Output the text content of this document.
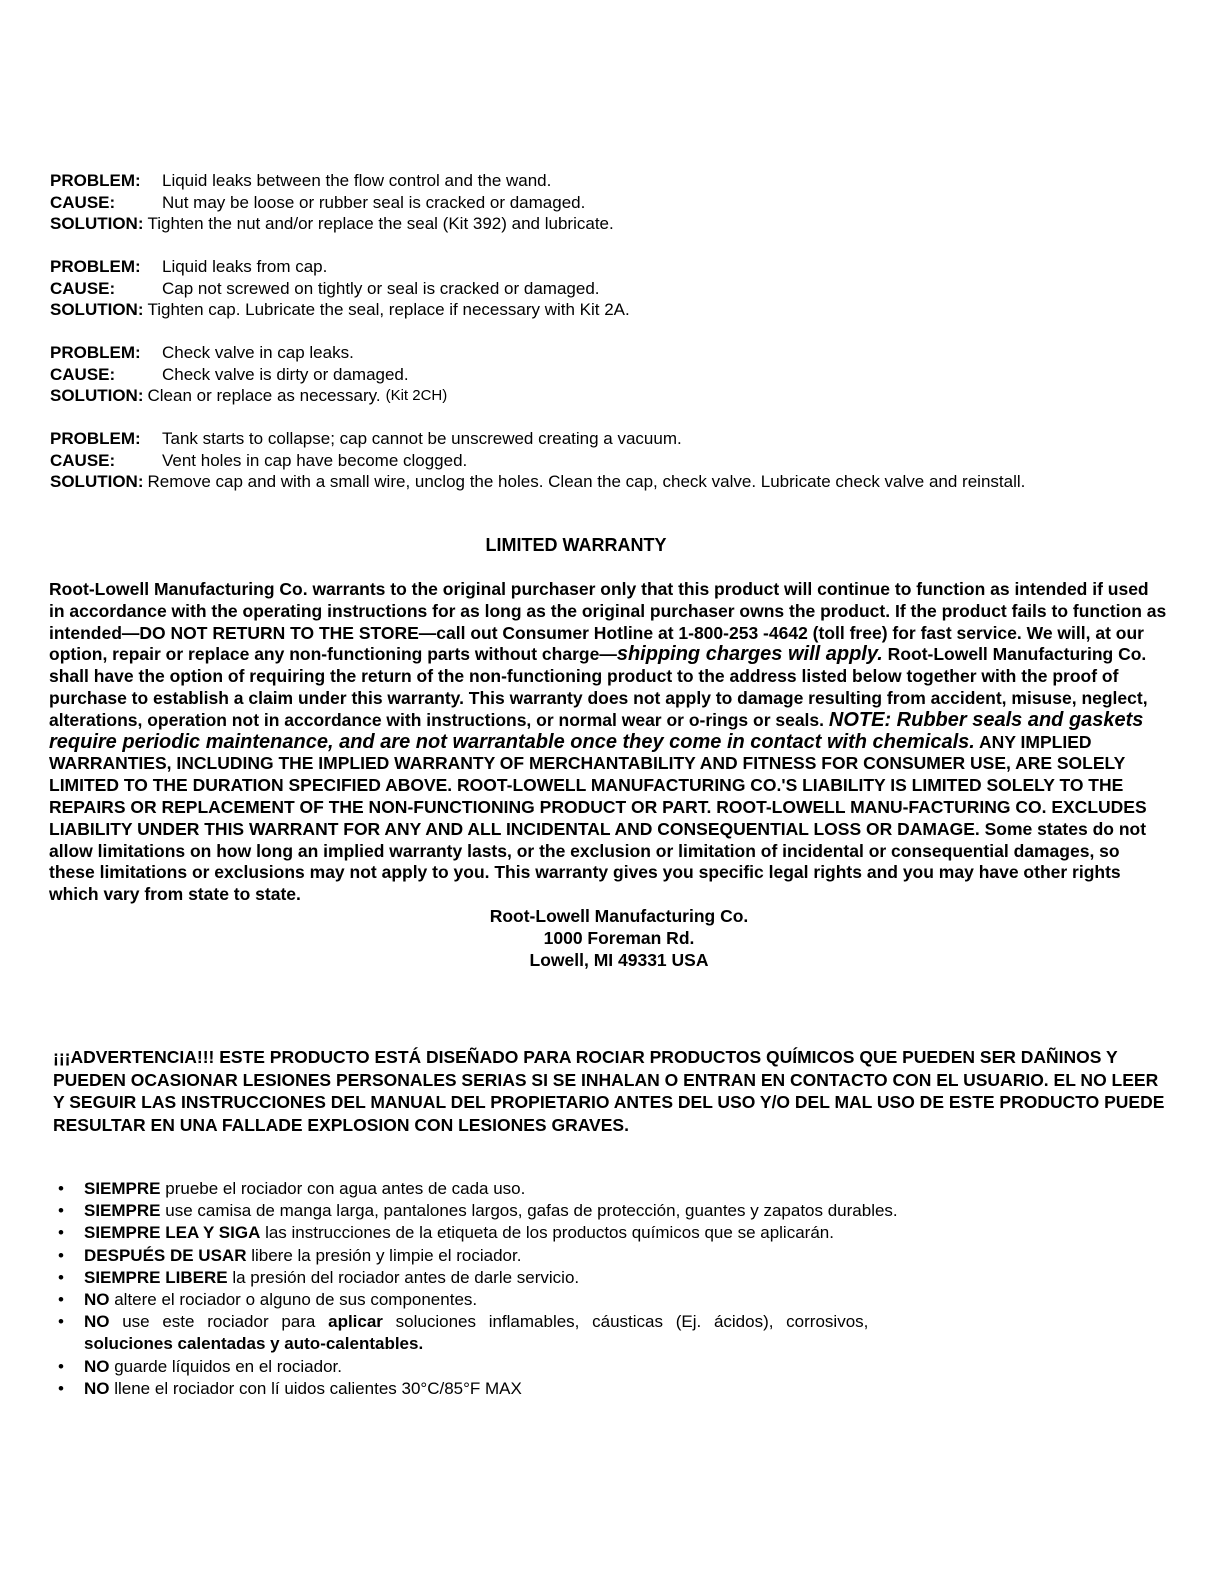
PROBLEM:	Liquid leaks between the flow control and the wand.
CAUSE:	Nut may be loose or rubber seal is cracked or damaged.
SOLUTION: Tighten the nut and/or replace the seal (Kit 392) and lubricate.
PROBLEM:	Liquid leaks from cap.
CAUSE:	Cap not screwed on tightly or seal is cracked or damaged.
SOLUTION: Tighten cap. Lubricate the seal, replace if necessary with Kit 2A.
PROBLEM:	Check valve in cap leaks.
CAUSE:	Check valve is dirty or damaged.
SOLUTION: Clean or replace as necessary. (Kit 2CH)
PROBLEM:	Tank starts to collapse; cap cannot be unscrewed creating a vacuum.
CAUSE:	Vent holes in cap have become clogged.
SOLUTION: Remove cap and with a small wire, unclog the holes. Clean the cap, check valve. Lubricate check valve and reinstall.
LIMITED WARRANTY

Root-Lowell Manufacturing Co. warrants to the original purchaser only that this product will continue to function as intended if used in accordance with the operating instructions for as long as the original purchaser owns the product. If the product fails to function as intended—DO NOT RETURN TO THE STORE—call out Consumer Hotline at 1-800-253 -4642 (toll free) for fast service. We will, at our option, repair or replace any non-functioning parts without charge—shipping charges will apply. Root-Lowell Manufacturing Co. shall have the option of requiring the return of the non-functioning product to the address listed below together with the proof of purchase to establish a claim under this warranty. This warranty does not apply to damage resulting from accident, misuse, neglect, alterations, operation not in accordance with instructions, or normal wear or o-rings or seals. NOTE: Rubber seals and gaskets require periodic maintenance, and are not warrantable once they come in contact with chemicals. ANY IMPLIED WARRANTIES, INCLUDING THE IMPLIED WARRANTY OF MERCHANTABILITY AND FITNESS FOR CONSUMER USE, ARE SOLELY LIMITED TO THE DURATION SPECIFIED ABOVE. ROOT-LOWELL MANUFACTURING CO.'S LIABILITY IS LIMITED SOLELY TO THE REPAIRS OR REPLACEMENT OF THE NON-FUNCTIONING PRODUCT OR PART. ROOT-LOWELL MANU-FACTURING CO. EXCLUDES LIABILITY UNDER THIS WARRANT FOR ANY AND ALL INCIDENTAL AND CONSEQUENTIAL LOSS OR DAMAGE. Some states do not allow limitations on how long an implied warranty lasts, or the exclusion or limitation of incidental or consequential damages, so these limitations or exclusions may not apply to you. This warranty gives you specific legal rights and you may have other rights which vary from state to state.

Root-Lowell Manufacturing Co.
1000 Foreman Rd.
Lowell, MI 49331 USA
¡¡¡ADVERTENCIA!!! ESTE PRODUCTO ESTÁ DISEÑADO PARA ROCIAR PRODUCTOS QUÍMICOS QUE PUEDEN SER DAÑINOS Y PUEDEN OCASIONAR LESIONES PERSONALES SERIAS SI SE INHALAN O ENTRAN EN CONTACTO CON EL USUARIO. EL NO LEER Y SEGUIR LAS INSTRUCCIONES DEL MANUAL DEL PROPIETARIO ANTES DEL USO Y/O DEL MAL USO DE ESTE PRODUCTO PUEDE RESULTAR EN UNA FALLADE EXPLOSION CON LESIONES GRAVES.
• SIEMPRE pruebe el rociador con agua antes de cada uso.
• SIEMPRE use camisa de manga larga, pantalones largos, gafas de protección, guantes y zapatos durables.
• SIEMPRE LEA Y SIGA las instrucciones de la etiqueta de los productos químicos que se aplicarán.
• DESPUÉS DE USAR libere la presión y limpie el rociador.
• SIEMPRE LIBERE la presión del rociador antes de darle servicio.
• NO altere el rociador o alguno de sus componentes.
• NO use este rociador para aplicar soluciones inflamables, cáusticas (Ej. ácidos), corrosivos,
soluciones calentadas y auto-calentables.
• NO guarde líquidos en el rociador.
• NO llene el rociador con lí uidos calientes 30°C/85°F MAX
